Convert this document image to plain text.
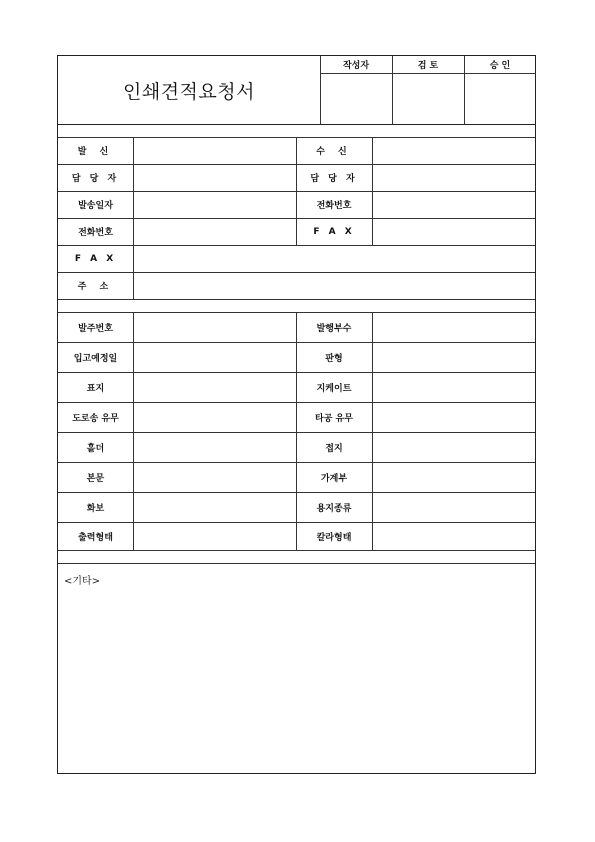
인쇄견적요청서
작성자	검 토	승 인
발 신	수 신
담 당 자	담 당 자
발송일자	전화번호
전화번호	F A X
F A X
주 소
발주번호	발행부수
입고예정일	판형
표지	지케이트
도로송 유무	타공 유무
홀더	접지
본문	가계부
화보	용지종류
출력형태	칼라형태
<기타>
